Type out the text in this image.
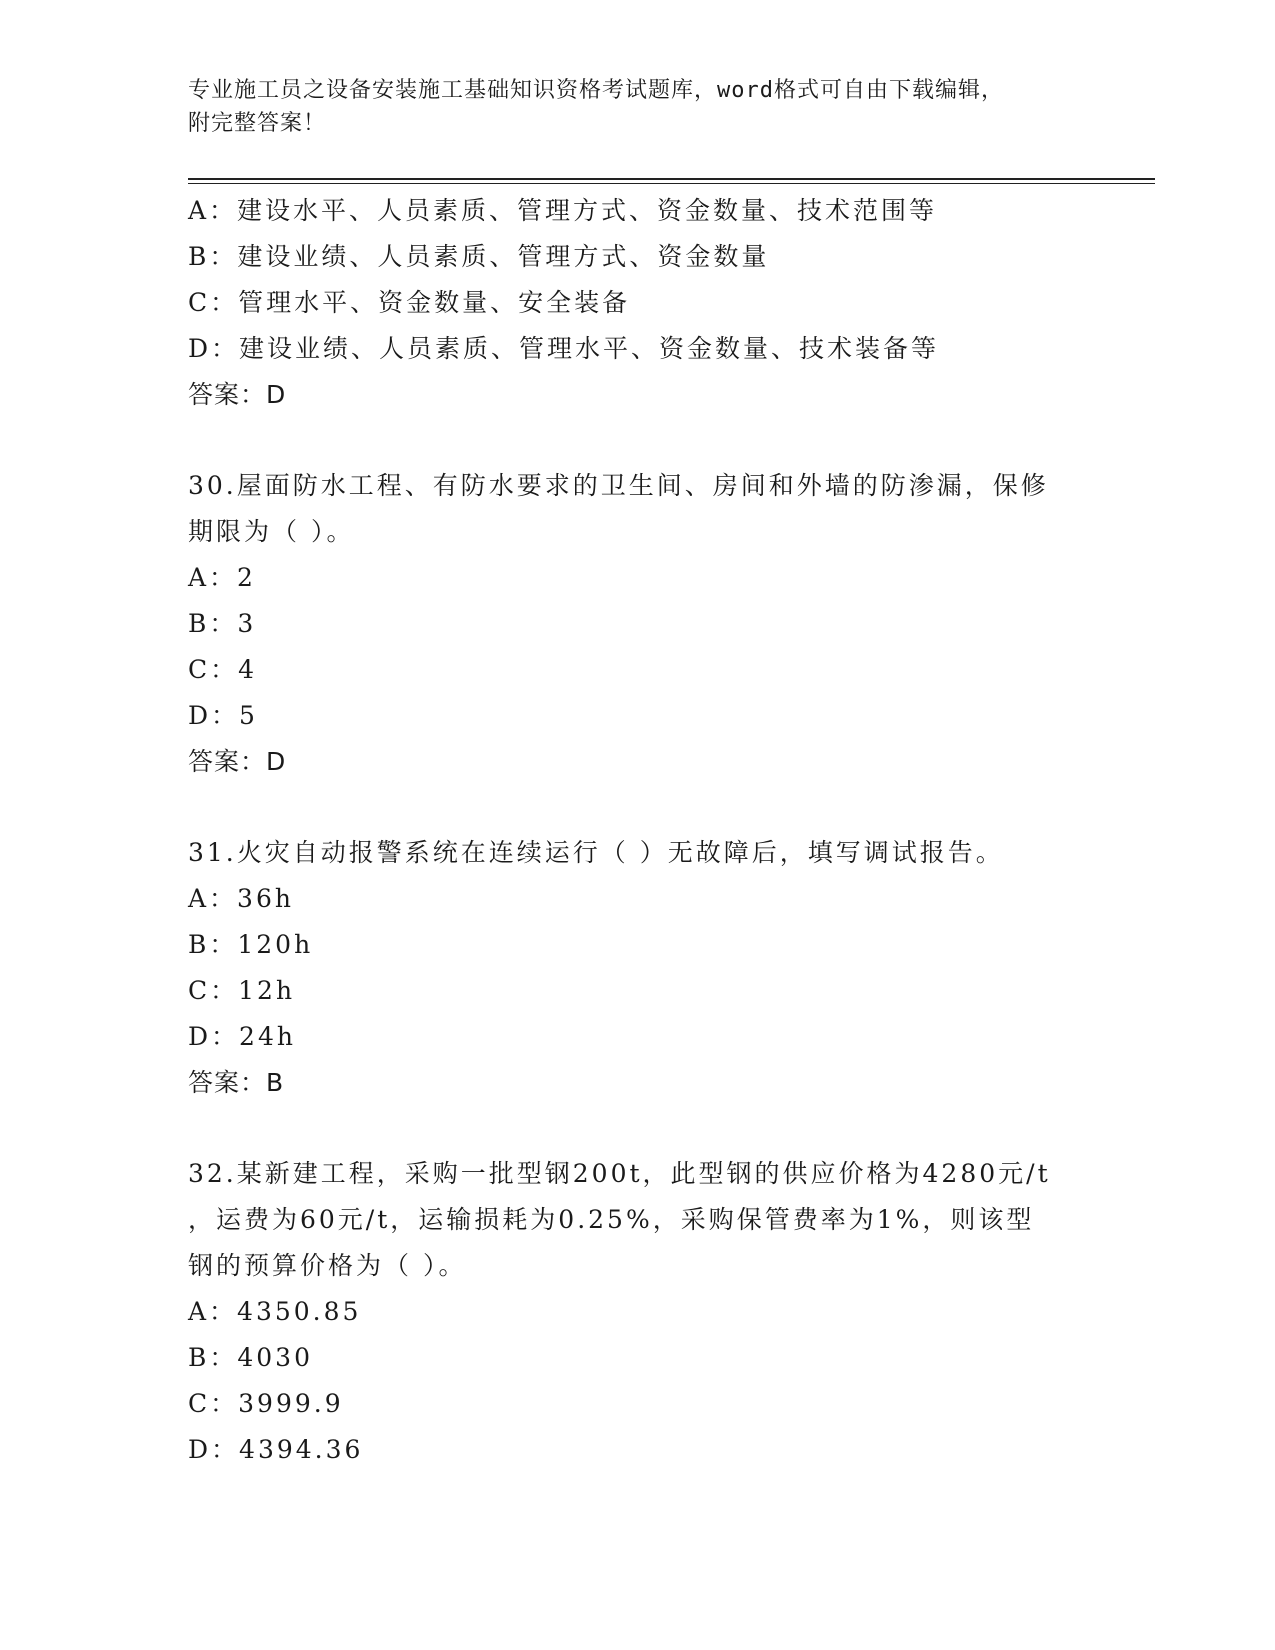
专业施工员之设备安装施工基础知识资格考试题库，word格式可自由下载编辑，
附完整答案！
A：建设水平、人员素质、管理方式、资金数量、技术范围等
B：建设业绩、人员素质、管理方式、资金数量
C：管理水平、资金数量、安全装备
D：建设业绩、人员素质、管理水平、资金数量、技术装备等
答案：D
30.屋面防水工程、有防水要求的卫生间、房间和外墙的防渗漏，保修
期限为（ ）。
A：2
B：3
C：4
D：5
答案：D
31.火灾自动报警系统在连续运行（ ）无故障后，填写调试报告。
A：36h
B：120h
C：12h
D：24h
答案：B
32.某新建工程，采购一批型钢200t，此型钢的供应价格为4280元/t
，运费为60元/t，运输损耗为0.25%，采购保管费率为1%，则该型
钢的预算价格为（ ）。
A：4350.85
B：4030
C：3999.9
D：4394.36
